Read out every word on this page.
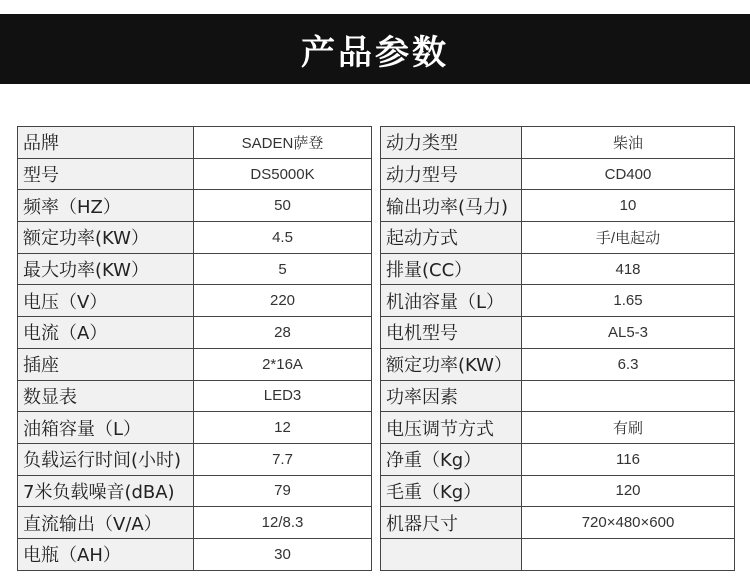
产品参数
品牌	SADEN萨登
型号	DS5000K
频率（HZ）	50
额定功率(KW）	4.5
最大功率(KW）	5
电压（V）	220
电流（A）	28
插座	2*16A
数显表	LED3
油箱容量（L）	12
负载运行时间(小时)	7.7
7米负载噪音(dBA)	79
直流输出（V/A）	12/8.3
电瓶（AH）	30
动力类型	柴油
动力型号	CD400
输出功率(马力)	10
起动方式	手/电起动
排量(CC）	418
机油容量（L）	1.65
电机型号	AL5-3
额定功率(KW）	6.3
功率因素	
电压调节方式	有刷
净重（Kg）	116
毛重（Kg）	120
机器尺寸	720×480×600
